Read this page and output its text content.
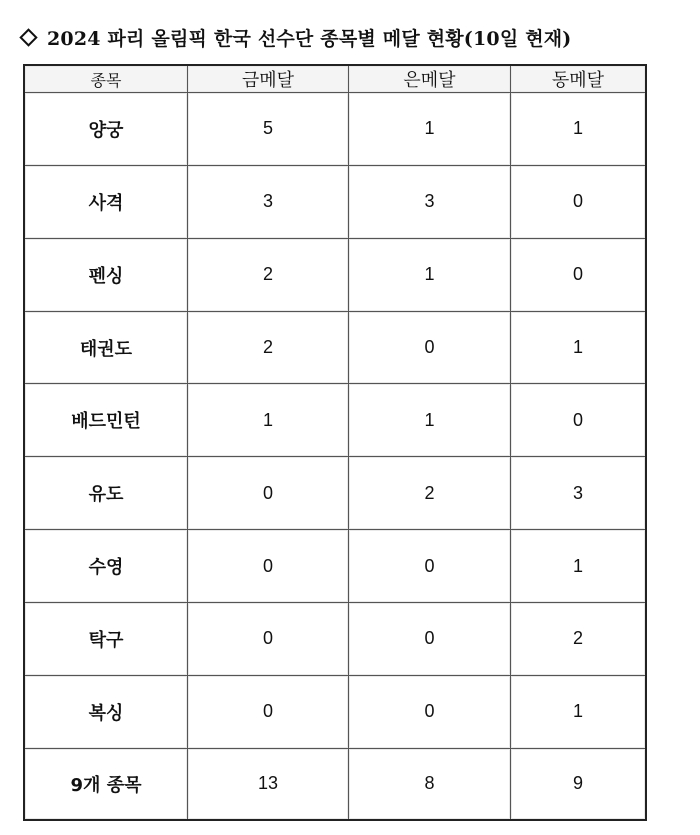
2024 파리 올림픽 한국 선수단 종목별 메달 현황(10일 현재)
종목	금메달	은메달	동메달
양궁	5	1	1
사격	3	3	0
펜싱	2	1	0
태권도	2	0	1
배드민턴	1	1	0
유도	0	2	3
수영	0	0	1
탁구	0	0	2
복싱	0	0	1
9개 종목	13	8	9
